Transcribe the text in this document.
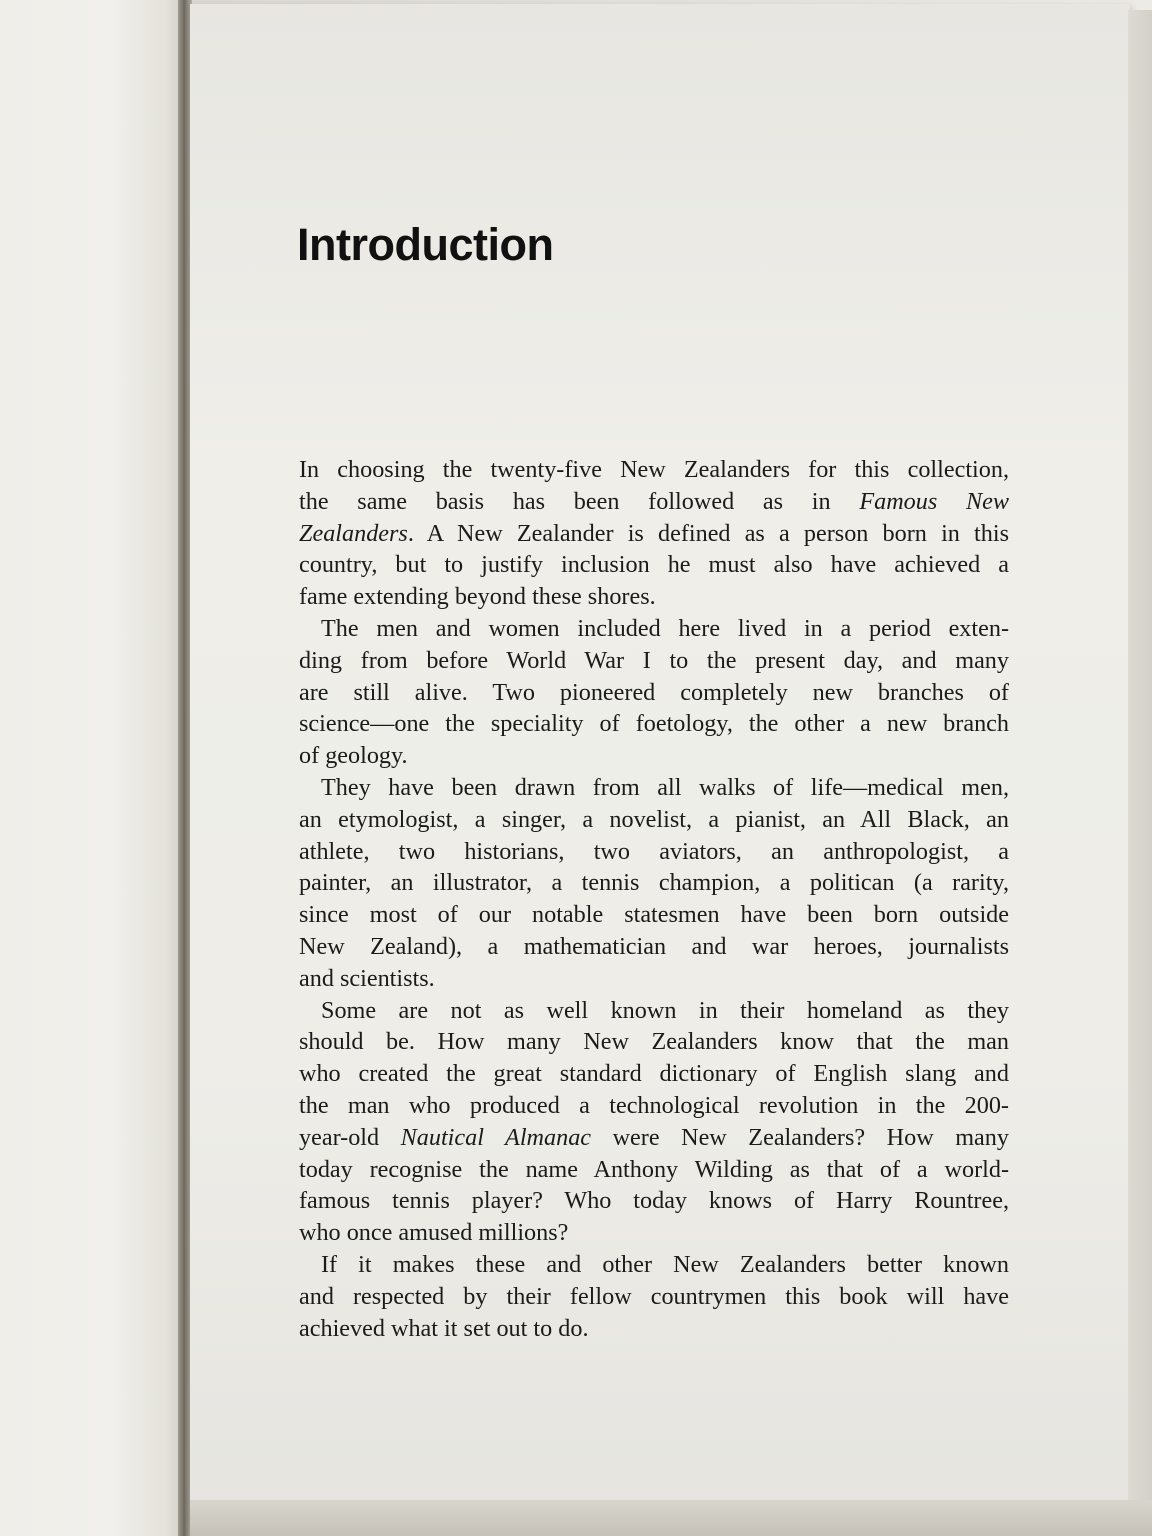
Introduction

In choosing the twenty-five New Zealanders for this collection,
the same basis has been followed as in Famous New
Zealanders. A New Zealander is defined as a person born in this
country, but to justify inclusion he must also have achieved a
fame extending beyond these shores.

The men and women included here lived in a period exten-
ding from before World War I to the present day, and many
are still alive. Two pioneered completely new branches of
science—one the speciality of foetology, the other a new branch
of geology.

They have been drawn from all walks of life—medical men,
an etymologist, a singer, a novelist, a pianist, an All Black, an
athlete, two historians, two aviators, an anthropologist, a
painter, an illustrator, a tennis champion, a politican (a rarity,
since most of our notable statesmen have been born outside
New Zealand), a mathematician and war heroes, journalists
and scientists.

Some are not as well known in their homeland as they
should be. How many New Zealanders know that the man
who created the great standard dictionary of English slang and
the man who produced a technological revolution in the 200-
year-old Nautical Almanac were New Zealanders? How many
today recognise the name Anthony Wilding as that of a world-
famous tennis player? Who today knows of Harry Rountree,
who once amused millions?

If it makes these and other New Zealanders better known
and respected by their fellow countrymen this book will have
achieved what it set out to do.
